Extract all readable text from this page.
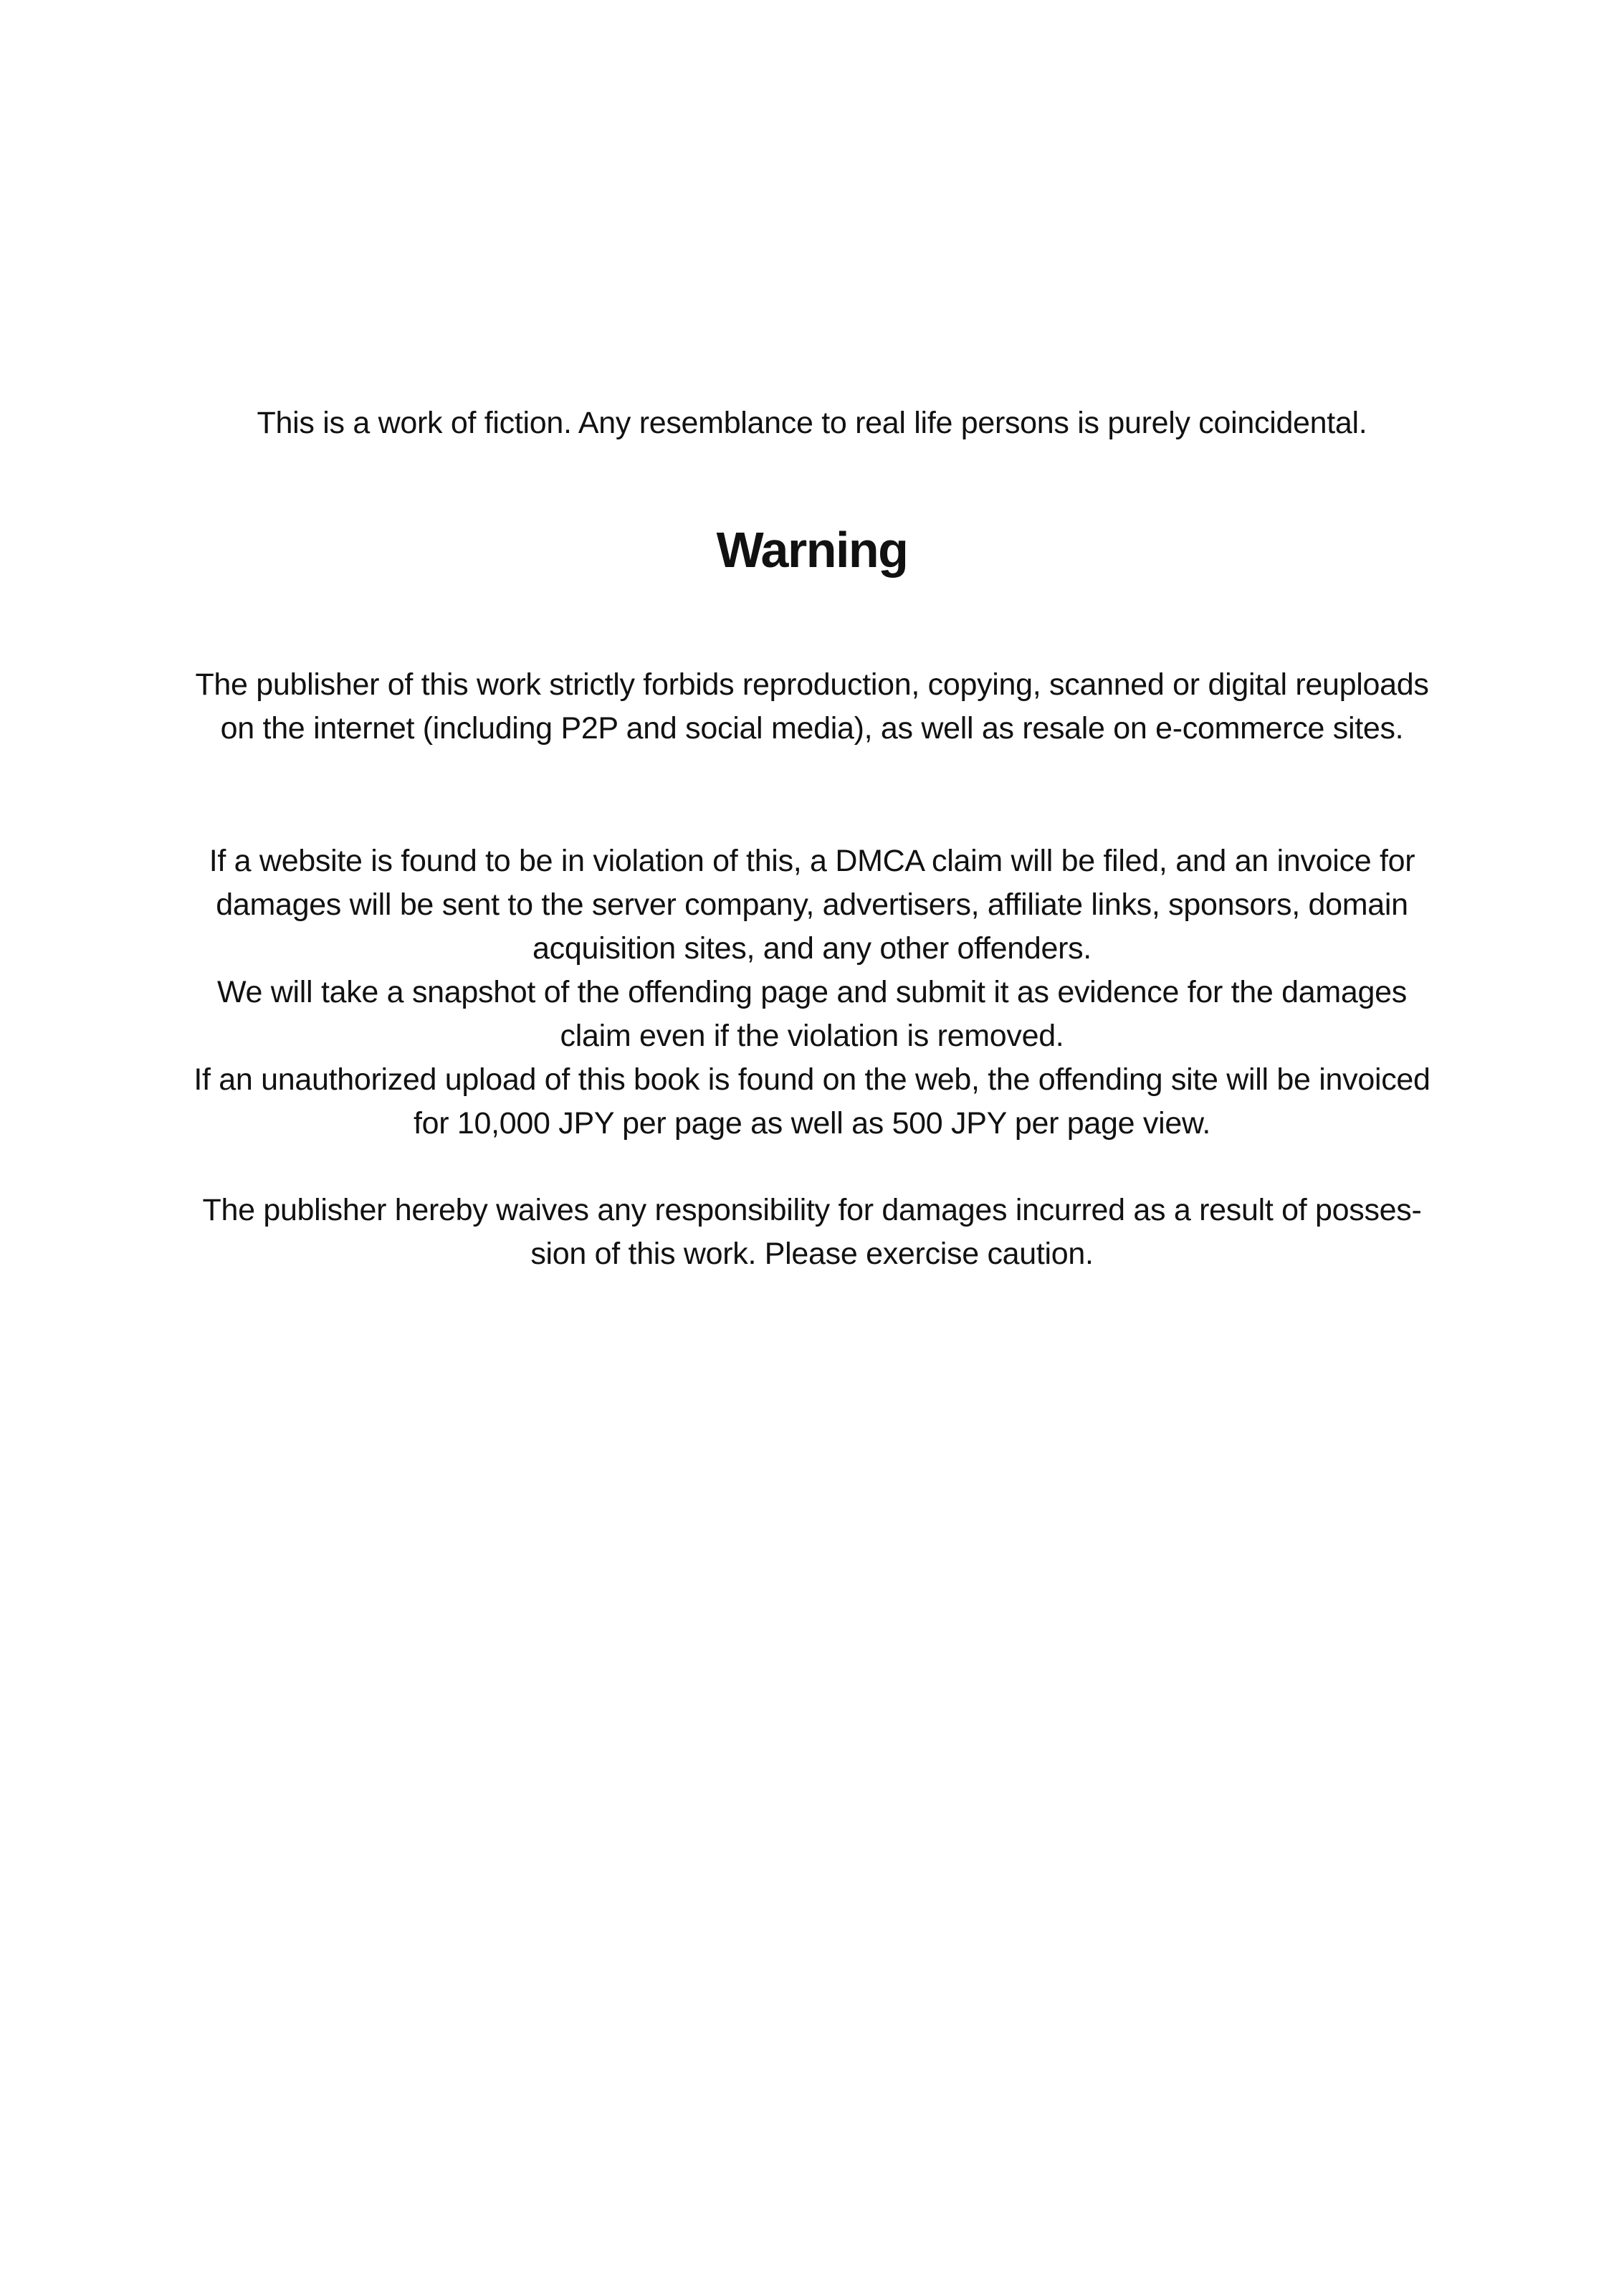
This is a work of fiction. Any resemblance to real life persons is purely coincidental.
Warning
The publisher of this work strictly forbids reproduction, copying, scanned or digital reuploads
on the internet (including P2P and social media), as well as resale on e-commerce sites.
If a website is found to be in violation of this, a DMCA claim will be filed, and an invoice for
damages will be sent to the server company, advertisers, affiliate links, sponsors, domain
acquisition sites, and any other offenders.
We will take a snapshot of the offending page and submit it as evidence for the damages
claim even if the violation is removed.
If an unauthorized upload of this book is found on the web, the offending site will be invoiced
for 10,000 JPY per page as well as 500 JPY per page view.
The publisher hereby waives any responsibility for damages incurred as a result of posses-
sion of this work. Please exercise caution.
